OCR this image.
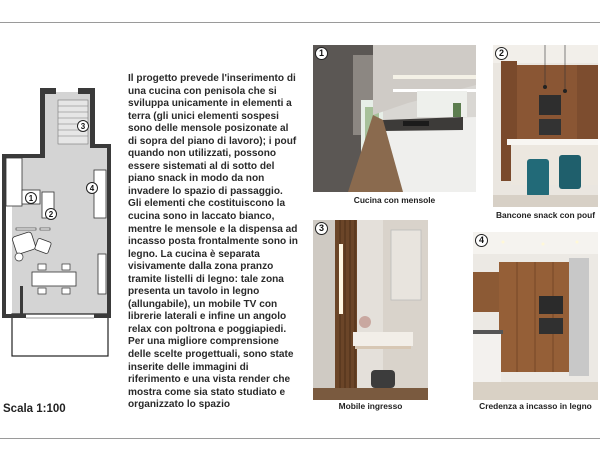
1
2
3
4
Il progetto prevede l'inserimento di una cucina con penisola che si sviluppa unicamente in elementi a terra (gli unici elementi sospesi sono delle mensole posizonate al di sopra del piano di lavoro); i pouf quando non utilizzati, possono essere sistemati al di sotto del piano snack in modo da non invadere lo spazio di passaggio. Gli elementi che costituiscono la cucina sono in laccato bianco, mentre le mensole e la dispensa ad incasso posta frontalmente sono in legno. La cucina è separata visivamente dalla zona pranzo tramite listelli di legno: tale zona presenta un tavolo in legno (allungabile), un mobile TV con librerie laterali e infine un angolo relax con poltrona e poggiapiedi. Per una migliore comprensione delle scelte progettuali, sono state inserite delle immagini di riferimento e una vista render che mostra come sia stato studiato e organizzato lo spazio
Scala 1:100
1
Cucina con mensole
2
Bancone snack con pouf
3
Mobile ingresso
4
Credenza a incasso in legno
